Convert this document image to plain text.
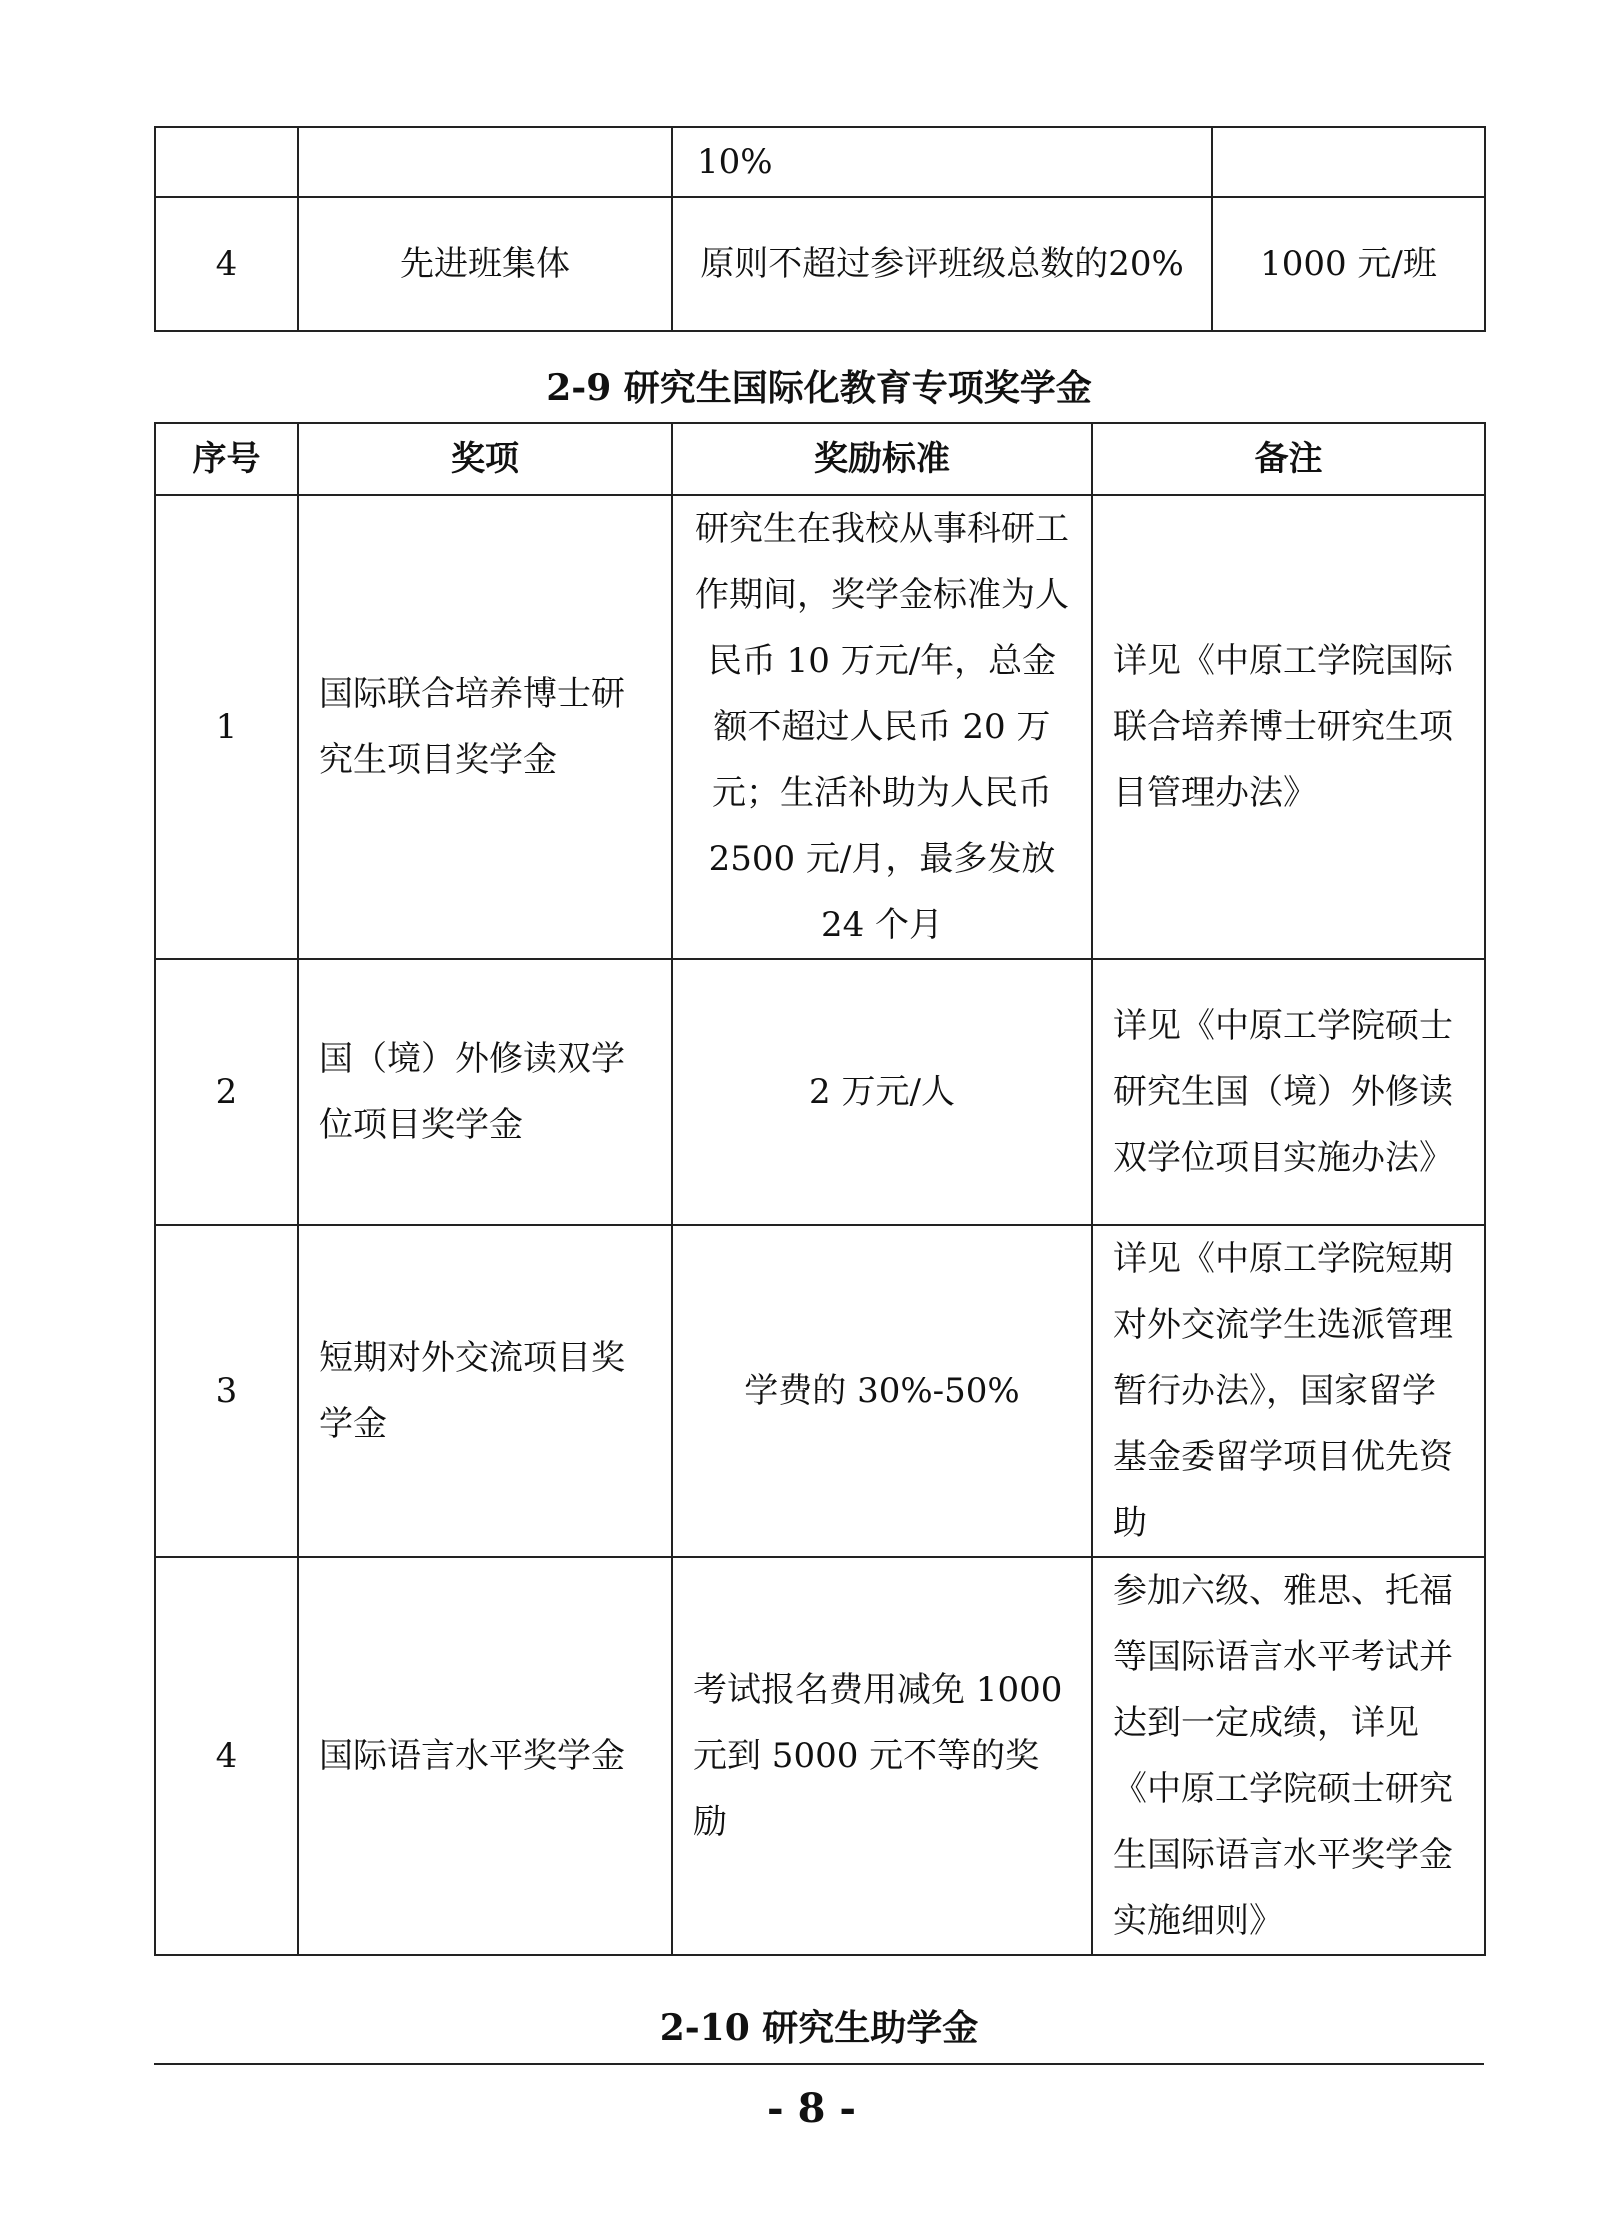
		10%	
4	先进班集体	原则不超过参评班级总数的20%	1000 元/班
2-9 研究生国际化教育专项奖学金
序号	奖项	奖励标准	备注
1	国际联合培养博士研究生项目奖学金	研究生在我校从事科研工作期间，奖学金标准为人民币 10 万元/年，总金额不超过人民币 20 万元；生活补助为人民币 2500 元/月，最多发放 24 个月	详见《中原工学院国际联合培养博士研究生项目管理办法》
2	国（境）外修读双学位项目奖学金	2 万元/人	详见《中原工学院硕士研究生国（境）外修读双学位项目实施办法》
3	短期对外交流项目奖学金	学费的 30%-50%	详见《中原工学院短期对外交流学生选派管理暂行办法》，国家留学基金委留学项目优先资助
4	国际语言水平奖学金	考试报名费用减免 1000 元到 5000 元不等的奖励	参加六级、雅思、托福等国际语言水平考试并达到一定成绩，详见《中原工学院硕士研究生国际语言水平奖学金实施细则》
2-10 研究生助学金
- 8 -
